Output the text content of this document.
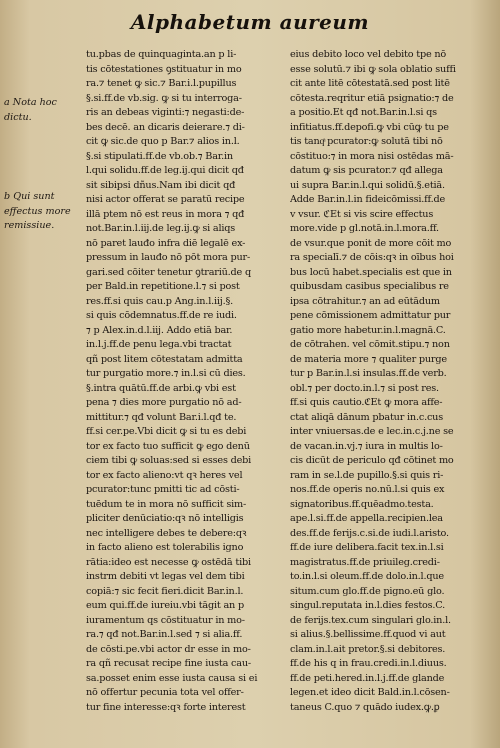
Alphabetum aureum
a Nota hoc dictu.
b Qui sunt effectus more remissiue.
tu.pbas de quinquaginta.an p li-
tis cōtestationes ꝯstituatur in mo
ra.⁊ tenet ꝙ sic.⁊ Bar.i.l.pupillus
§.si.ff.de vb.sig. ꝙ si tu interroga-
ris an debeas viginti:⁊ negasti:de-
bes decē. an dicaris deierare.⁊ di-
cit ꝙ sic.de quo p Bar.⁊ alios in.l.
§.si stipulati.ff.de vb.ob.⁊ Bar.in
l.qui solidu.ff.de leg.ij.qui dicit qđ
sit sibipsi dñus.Nam ibi dicit qđ
nisi actor offerat se paratū recipe
illā ptem nō est reus in mora ⁊ qđ
not.Bar.in.l.iij.de leg.ij.ꝙ si aliqs
nō paret lauđo infra diē legalē ex-
pressum in lauđo nō pōt mora pur-
gari.sed cōiter tenetur ꝯtrariū.de q
per Bald.in repetitione.l.⁊ si post
res.ff.si quis cau.p Ang.in.l.iij.§.
si quis cōdemnatus.ff.de re iudi.
⁊ p Alex.in.d.l.iij. Addo etiā bar.
in.l.j.ff.de penu lega.vbi tractat
qñ post litem cōtestatam admitta
tur purgatio more.⁊ in.l.si cū dies.
§.intra quātū.ff.de arbi.ꝙ vbi est
pena ⁊ dies more purgatio nō ad-
mittitur.⁊ qđ volunt Bar.i.l.qđ te.
ff.si cer.pe.Vbi dicit ꝙ si tu es debi
tor ex facto tuo sufficit ꝙ ego denū
ciem tibi ꝙ soluas:sed si esses debi
tor ex facto alieno:vt qꝛ heres vel
pcurator:tunc pmitti tic ad cōsti-
tuēdum te in mora nō sufficit sim-
pliciter denūciatio:qꝛ nō intelligis
nec intelligere debes te debere:qꝛ
in facto alieno est tolerabilis igno
rātia:ideo est necesse ꝙ ostēdā tibi
instrm debiti vt legas vel dem tibi
copiā:⁊ sic fecit fieri.dicit Bar.in.l.
eum qui.ff.de iureiu.vbi tāgit an p
iuramentum qs cōstituatur in mo-
ra.⁊ qđ not.Bar.in.l.sed ⁊ si alia.ff.
de cōsti.pe.vbi actor dr esse in mo-
ra qñ recusat recipe fine iusta cau-
sa.posset enim esse iusta causa si ei
nō offertur pecunia tota vel offer-
tur fine interesse:qꝛ forte interest
eius debito loco vel debito tpe nō
esse solutū.⁊ ibi ꝙ sola oblatio suffi
cit ante litē cōtestatā.sed post litē
cōtesta.reqritur etiā psignatio:⁊ de
a positio.Et qđ not.Bar.in.l.si qs
infitiatus.ff.depofi.ꝙ vbi cūꝙ tu pe
tis tanqͣ pcurator:ꝙ solutā tibi nō
cōstituo:⁊ in mora nisi ostēdas mā-
datum ꝙ sis pcurator.⁊ qđ allega
ui supra Bar.in.l.qui solidū.§.etiā.
Adde Bar.in.l.in fideicōmissi.ff.de
v vsur. ℭEt si vis scire effectus
more.vide p gl.notā.in.l.mora.ff.
de vsur.que ponit de more cōit mo
ra specialī.⁊ de cōis:qꝛ in oībus hoi
bus locū habet.specialis est que in
quibusdam casibus specialibus re
ipsa cōtrahitur.⁊ an ad eūtādum
pene cōmissionem admittatur pur
gatio more habetur.in.l.magnā.C.
de cōtrahen. vel cōmit.stipu.⁊ non
de materia more ⁊ qualiter purge
tur p Bar.in.l.si insulas.ff.de verb.
obl.⁊ per docto.in.l.⁊ si post res.
ff.si quis cautio.ℭEt ꝙ mora affe-
ctat aliqā dānum pbatur in.c.cus
inter vniuersas.de e lec.in.c.j.ne se
de vacan.in.vj.⁊ iura in multis lo-
cis dicūt de periculo qđ cōtinet mo
ram in se.l.de pupillo.§.si quis ri-
nos.ff.de operis no.nū.l.si quis ex
signatoribus.ff.quēadmo.testa.
ape.l.si.ff.de appella.recipien.lea
des.ff.de ferijs.c.si.de iudi.l.aristo.
ff.de iure delibera.facit tex.in.l.si
magistratus.ff.de priuileg.credi-
to.in.l.si oleum.ff.de dolo.in.l.que
situm.cum glo.ff.de pigno.eū glo.
singul.reputata in.l.dies festos.C.
de ferijs.tex.cum singulari glo.in.l.
si alius.§.bellissime.ff.quod vi aut
clam.in.l.ait pretor.§.si debitores.
ff.de his q in frau.credi.in.l.diuus.
ff.de peti.hered.in.l.j.ff.de glande
legen.et ideo dicit Bald.in.l.cōsen-
taneus C.quo ⁊ quādo iudex.ꝙ.ꝑ
